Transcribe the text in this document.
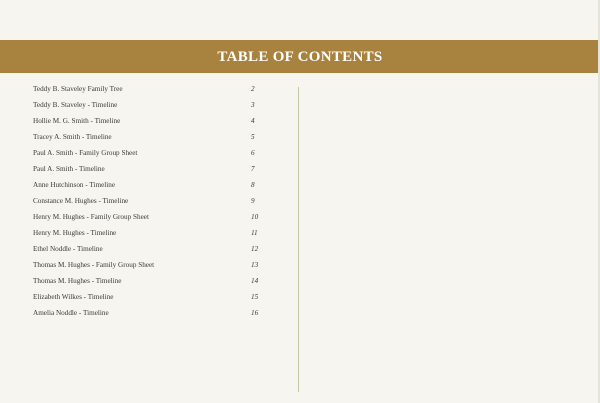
TABLE OF CONTENTS
Teddy B. Staveley Family Tree	2
Teddy B. Staveley - Timeline	3
Hollie M. G. Smith - Timeline	4
Tracey A. Smith - Timeline	5
Paul A. Smith - Family Group Sheet	6
Paul A. Smith - Timeline	7
Anne Hutchinson - Timeline	8
Constance M. Hughes - Timeline	9
Henry M. Hughes - Family Group Sheet	10
Henry M. Hughes - Timeline	11
Ethel Noddle - Timeline	12
Thomas M. Hughes - Family Group Sheet	13
Thomas M. Hughes - Timeline	14
Elizabeth Wilkes - Timeline	15
Amelia Noddle - Timeline	16
